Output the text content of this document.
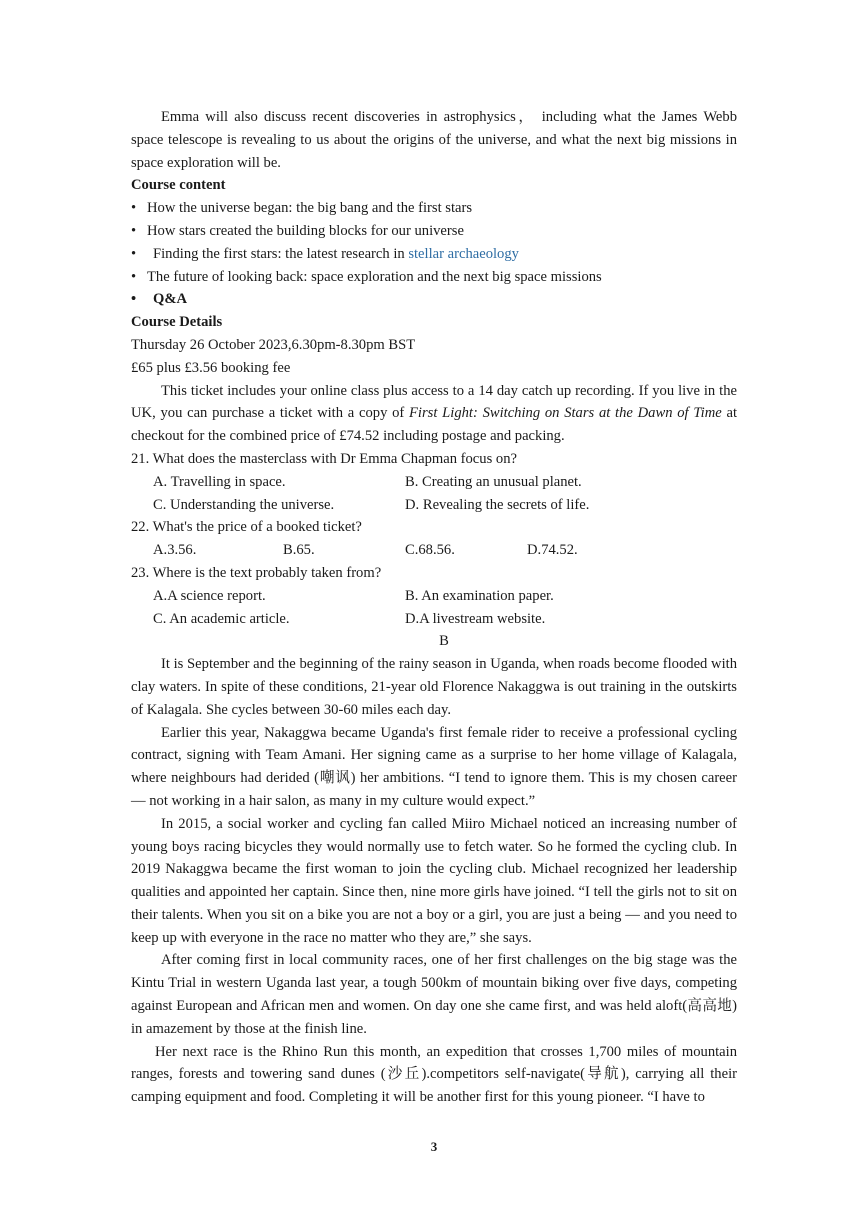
Emma will also discuss recent discoveries in astrophysics， including what the James Webb space telescope is revealing to us about the origins of the universe, and what the next big missions in space exploration will be.

Course content

• How the universe began: the big bang and the first stars

• How stars created the building blocks for our universe

• Finding the first stars: the latest research in stellar archaeology

• The future of looking back: space exploration and the next big space missions

• Q&A

Course Details

Thursday 26 October 2023,6.30pm-8.30pm BST

£65 plus £3.56 booking fee

This ticket includes your online class plus access to a 14 day catch up recording. If you live in the UK, you can purchase a ticket with a copy of First Light: Switching on Stars at the Dawn of Time at checkout for the combined price of £74.52 including postage and packing.

21. What does the masterclass with Dr Emma Chapman focus on?

A. Travelling in space.	B. Creating an unusual planet.
C. Understanding the universe.	D. Revealing the secrets of life.

22. What's the price of a booked ticket?

A.3.56.	B.65.	C.68.56.	D.74.52.

23. Where is the text probably taken from?

A.A science report.	B. An examination paper.
C. An academic article.	D.A livestream website.

B

It is September and the beginning of the rainy season in Uganda, when roads become flooded with clay waters. In spite of these conditions, 21-year old Florence Nakaggwa is out training in the outskirts of Kalagala. She cycles between 30-60 miles each day.

Earlier this year, Nakaggwa became Uganda's first female rider to receive a professional cycling contract, signing with Team Amani. Her signing came as a surprise to her home village of Kalagala, where neighbours had derided (嘲讽) her ambitions. “I tend to ignore them. This is my chosen career — not working in a hair salon, as many in my culture would expect.”

In 2015, a social worker and cycling fan called Miiro Michael noticed an increasing number of young boys racing bicycles they would normally use to fetch water. So he formed the cycling club. In 2019 Nakaggwa became the first woman to join the cycling club. Michael recognized her leadership qualities and appointed her captain. Since then, nine more girls have joined. “I tell the girls not to sit on their talents. When you sit on a bike you are not a boy or a girl, you are just a being — and you need to keep up with everyone in the race no matter who they are,” she says.

After coming first in local community races, one of her first challenges on the big stage was the Kintu Trial in western Uganda last year, a tough 500km of mountain biking over five days, competing against European and African men and women. On day one she came first, and was held aloft(高高地) in amazement by those at the finish line.

Her next race is the Rhino Run this month, an expedition that crosses 1,700 miles of mountain ranges, forests and towering sand dunes (沙丘).competitors self-navigate(导航), carrying all their camping equipment and food. Completing it will be another first for this young pioneer. “I have to

3
